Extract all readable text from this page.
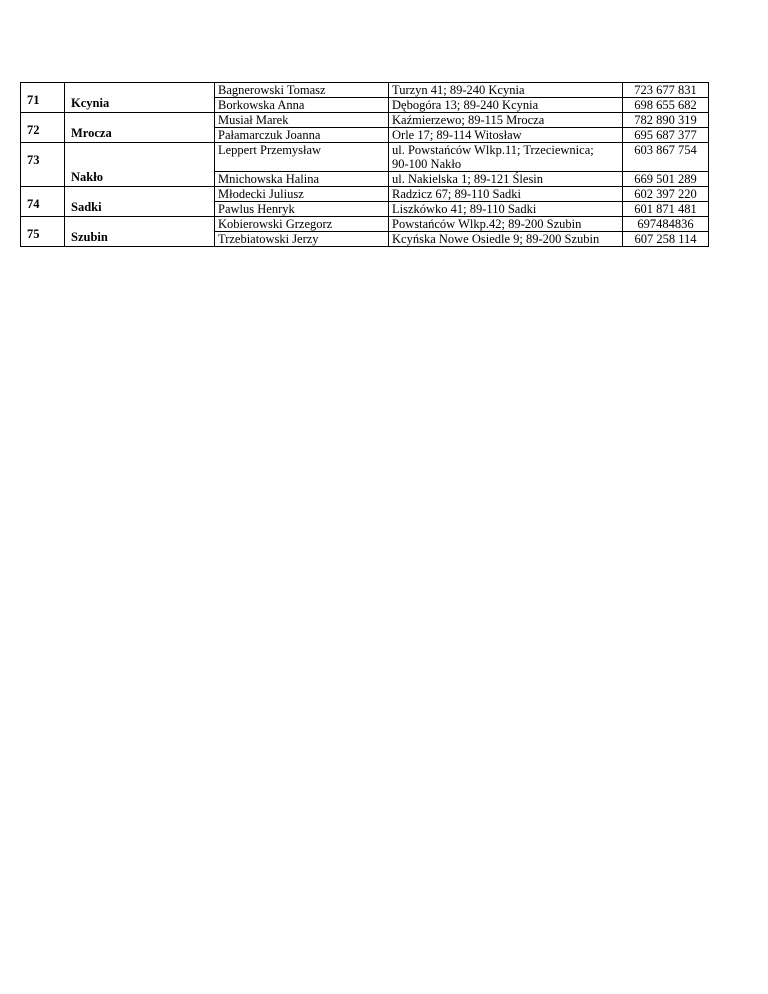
71	Kcynia	Bagnerowski Tomasz	Turzyn 41; 89-240 Kcynia	723 677 831
		Borkowska Anna	Dębogóra 13; 89-240 Kcynia	698 655 682
72	Mrocza	Musiał Marek	Kaźmierzewo; 89-115 Mrocza	782 890 319
		Pałamarczuk Joanna	Orle 17; 89-114 Witosław	695 687 377
73	Nakło	Leppert Przemysław	ul. Powstańców Wlkp.11; Trzeciewnica;
90-100 Nakło	603 867 754
		Mnichowska Halina	ul. Nakielska 1; 89-121 Ślesin	669 501 289
74	Sadki	Młodecki Juliusz	Radzicz 67; 89-110 Sadki	602 397 220
		Pawlus Henryk	Liszkówko 41; 89-110 Sadki	601 871 481
75	Szubin	Kobierowski Grzegorz	Powstańców Wlkp.42; 89-200 Szubin	697484836
		Trzebiatowski Jerzy	Kcyńska Nowe Osiedle 9; 89-200 Szubin	607 258 114
